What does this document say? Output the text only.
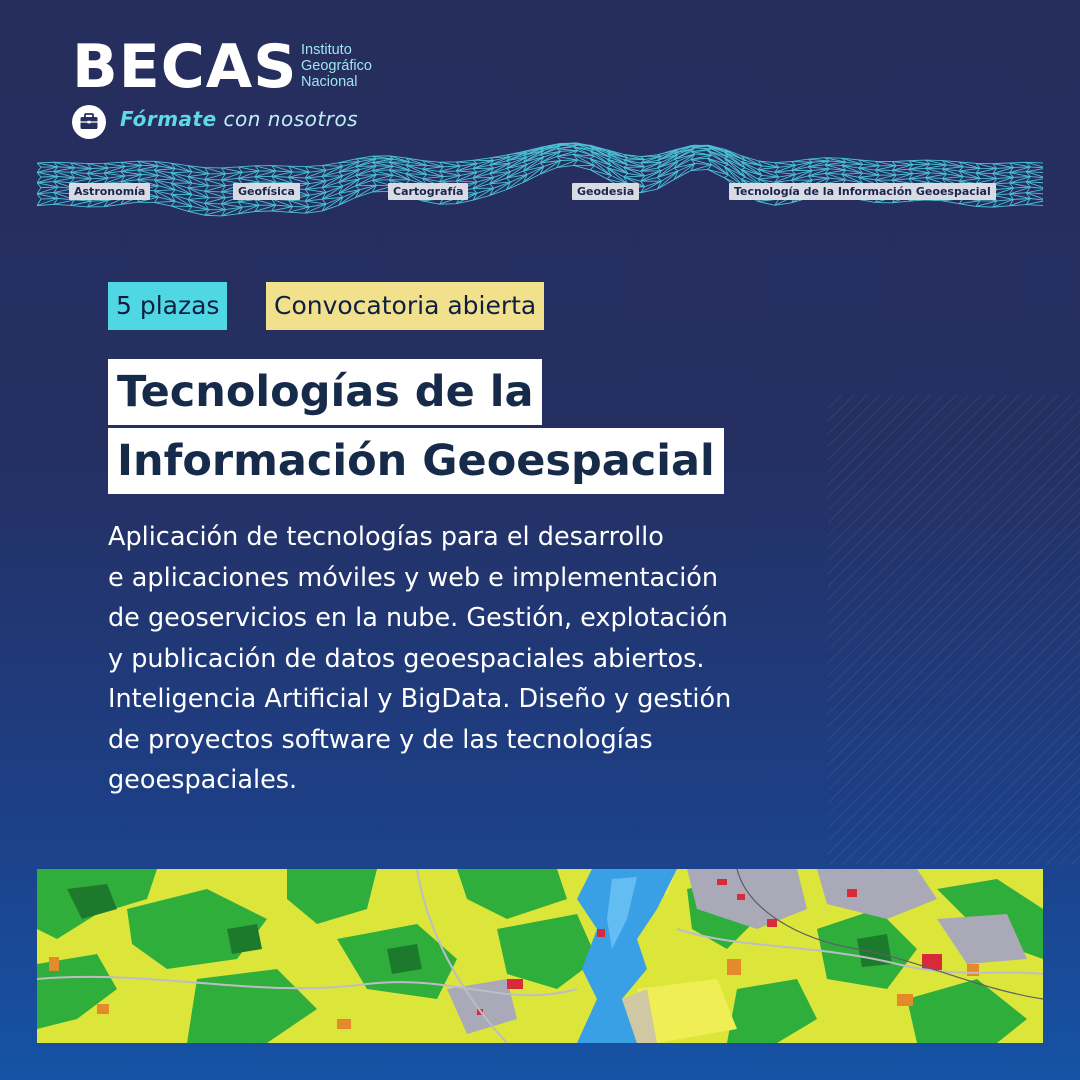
BECAS Instituto
Geográfico
Nacional
Fórmate con nosotros
Astronomía	Geofísica	Cartografía	Geodesia	Tecnología de la Información Geoespacial
5 plazas	Convocatoria abierta
Tecnologías de la
Información Geoespacial
Aplicación de tecnologías para el desarrollo
e aplicaciones móviles y web e implementación
de geoservicios en la nube. Gestión, explotación
y publicación de datos geoespaciales abiertos.
Inteligencia Artificial y BigData. Diseño y gestión
de proyectos software y de las tecnologías
geoespaciales.
